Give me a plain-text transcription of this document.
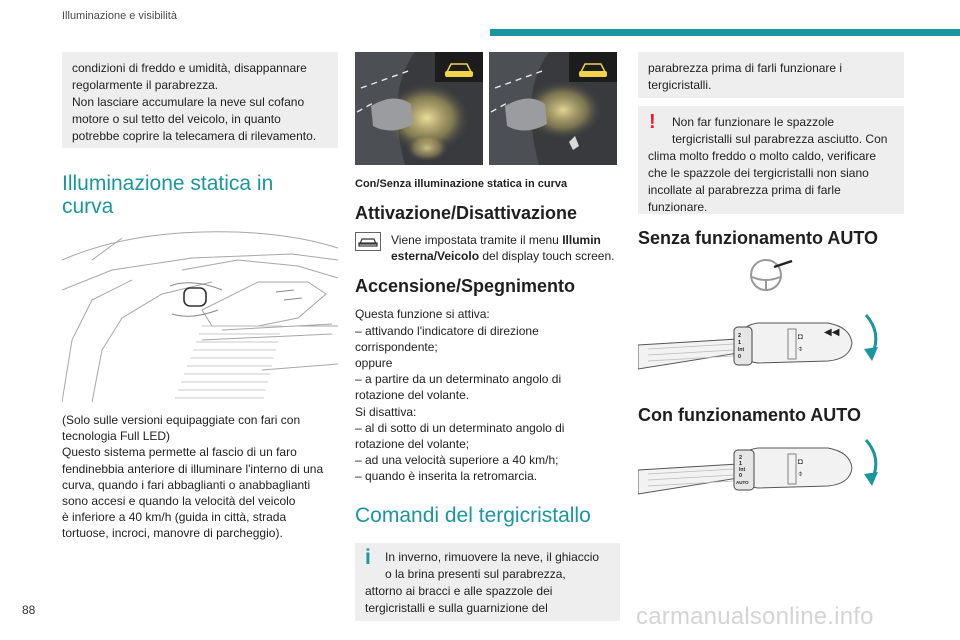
Illuminazione e visibilità
condizioni di freddo e umidità, disappannare
regolarmente il parabrezza.
Non lasciare accumulare la neve sul cofano
motore o sul tetto del veicolo, in quanto
potrebbe coprire la telecamera di rilevamento.
Illuminazione statica in
curva
(Solo sulle versioni equipaggiate con fari con
tecnologia Full LED)
Questo sistema permette al fascio di un faro
fendinebbia anteriore di illuminare l'interno di una
curva, quando i fari abbaglianti o anabbaglianti
sono accesi e quando la velocità del veicolo
è inferiore a 40 km/h (guida in città, strada
tortuose, incroci, manovre di parcheggio).
Con/Senza illuminazione statica in curva
Attivazione/Disattivazione
Viene impostata tramite il menu Illumin
esterna/Veicolo del display touch screen.
Accensione/Spegnimento
Questa funzione si attiva:
– attivando l'indicatore di direzione
corrispondente;
oppure
– a partire da un determinato angolo di
rotazione del volante.
Si disattiva:
– al di sotto di un determinato angolo di
rotazione del volante;
– ad una velocità superiore a 40 km/h;
– quando è inserita la retromarcia.
Comandi del tergicristallo
i In inverno, rimuovere la neve, il ghiaccio
o la brina presenti sul parabrezza,
attorno ai bracci e alle spazzole dei
tergicristalli e sulla guarnizione del
parabrezza prima di farli funzionare i
tergicristalli.
!	Non far funzionare le spazzole
tergicristalli sul parabrezza asciutto. Con
clima molto freddo o molto caldo, verificare
che le spazzole dei tergicristalli non siano
incollate al parabrezza prima di farle
funzionare.
Senza funzionamento AUTO
2
1
Int
0
◘
⌽
◀◀
Con funzionamento AUTO
2
1
Int
0
AUTO
◘
⌽
88	carmanualsonline.info
